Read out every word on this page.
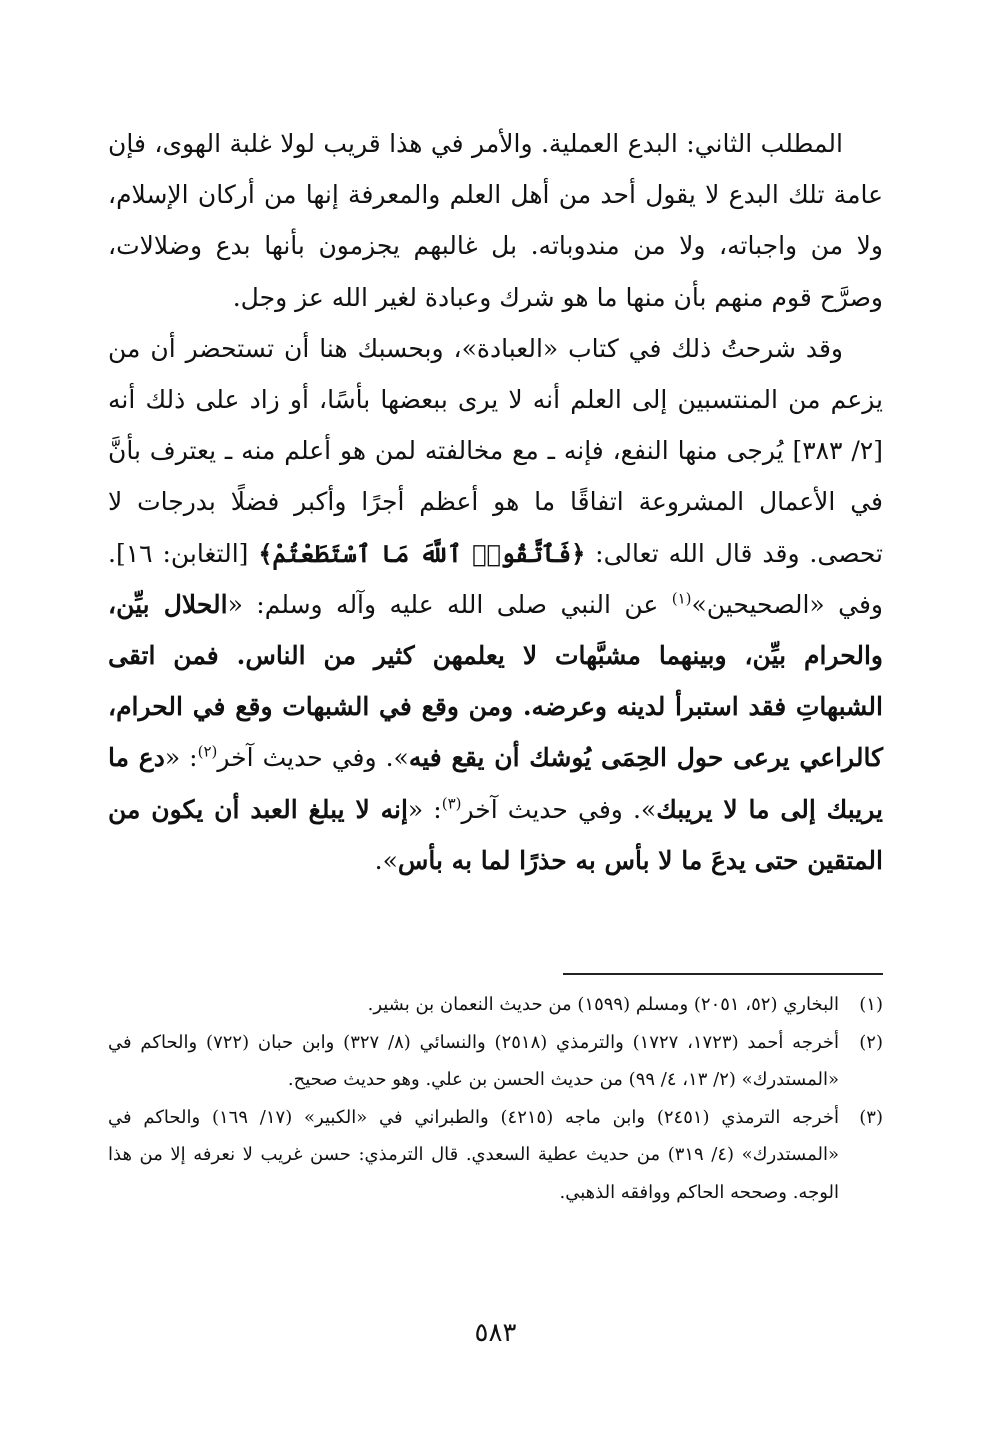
المطلب الثاني: البدع العملية. والأمر في هذا قريب لولا غلبة الهوى، فإن عامة تلك البدع لا يقول أحد من أهل العلم والمعرفة إنها من أركان الإسلام، ولا من واجباته، ولا من مندوباته. بل غالبهم يجزمون بأنها بدع وضلالات، وصرَّح قوم منهم بأن منها ما هو شرك وعبادة لغير الله عز وجل.

وقد شرحتُ ذلك في كتاب «العبادة»، وبحسبك هنا أن تستحضر أن من يزعم من المنتسبين إلى العلم أنه لا يرى ببعضها بأسًا، أو زاد على ذلك أنه [٢/ ٣٨٣] يُرجى منها النفع، فإنه ـ مع مخالفته لمن هو أعلم منه ـ يعترف بأنَّ في الأعمال المشروعة اتفاقًا ما هو أعظم أجرًا وأكبر فضلًا بدرجات لا تحصى. وقد قال الله تعالى: ﴿فَٱتَّقُوا۟ ٱللَّهَ مَا ٱسْتَطَعْتُمْ﴾ [التغابن: ١٦]. وفي «الصحيحين»$^{(١)}$ عن النبي صلى الله عليه وآله وسلم: «الحلال بيِّن، والحرام بيِّن، وبينهما مشبَّهات لا يعلمهن كثير من الناس. فمن اتقى الشبهاتِ فقد استبرأ لدينه وعرضه. ومن وقع في الشبهات وقع في الحرام، كالراعي يرعى حول الحِمَى يُوشك أن يقع فيه». وفي حديث آخر$^{(٢)}$: «دع ما يريبك إلى ما لا يريبك». وفي حديث آخر$^{(٣)}$: «إنه لا يبلغ العبد أن يكون من المتقين حتى يدعَ ما لا بأس به حذرًا لما به بأس».

(١)
البخاري (٥٢، ٢٠٥١) ومسلم (١٥٩٩) من حديث النعمان بن بشير.
(٢)
أخرجه أحمد (١٧٢٣، ١٧٢٧) والترمذي (٢٥١٨) والنسائي (٨/ ٣٢٧) وابن حبان (٧٢٢) والحاكم في «المستدرك» (٢/ ١٣، ٤/ ٩٩) من حديث الحسن بن علي. وهو حديث صحيح.
(٣)
أخرجه الترمذي (٢٤٥١) وابن ماجه (٤٢١٥) والطبراني في «الكبير» (١٧/ ١٦٩) والحاكم في «المستدرك» (٤/ ٣١٩) من حديث عطية السعدي. قال الترمذي: حسن غريب لا نعرفه إلا من هذا الوجه. وصححه الحاكم ووافقه الذهبي.
٥٨٣
